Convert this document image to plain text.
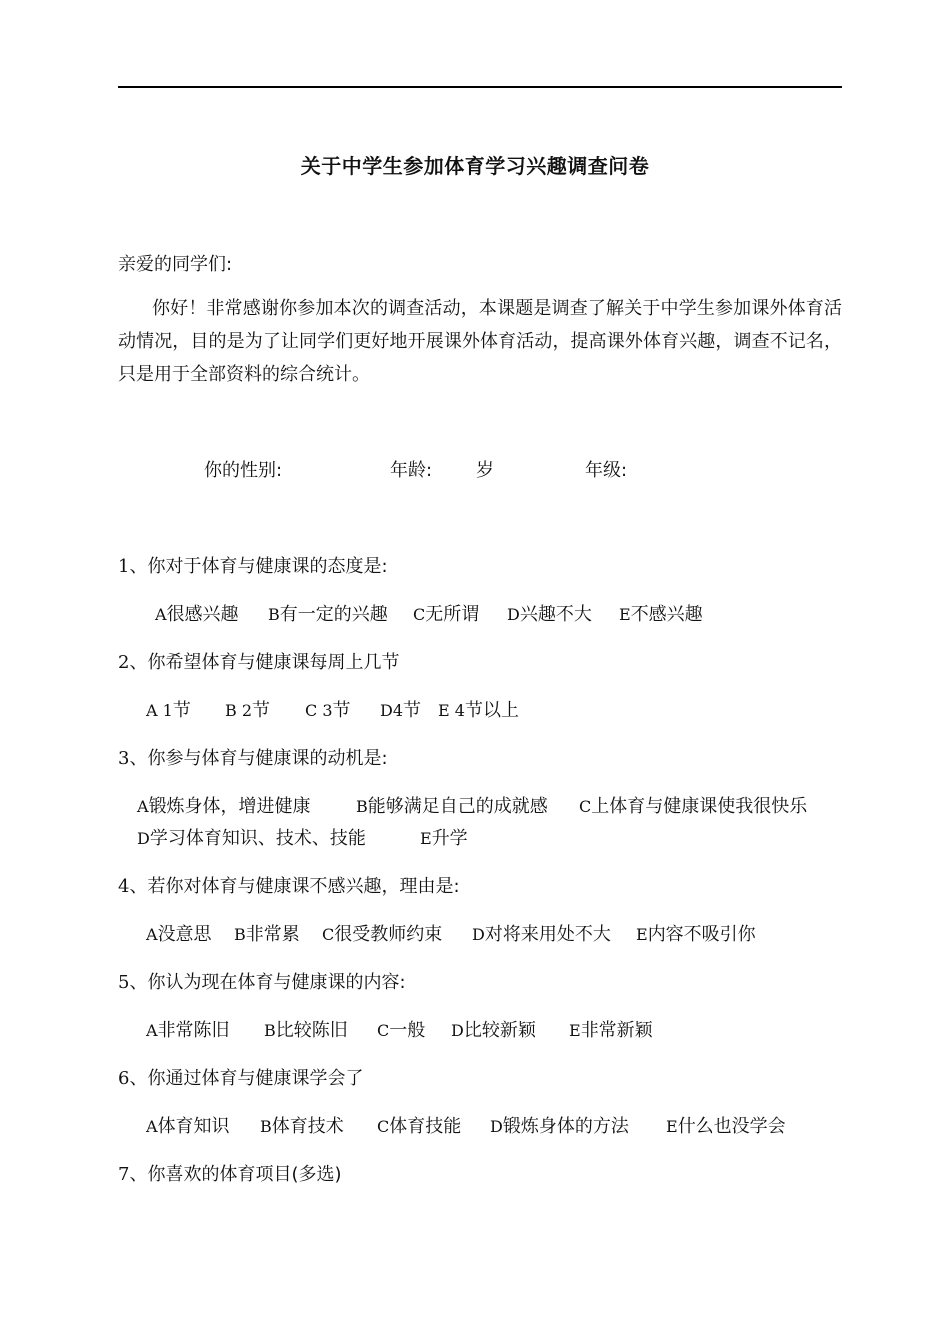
关于中学生参加体育学习兴趣调查问卷
亲爱的同学们:
你好！非常感谢你参加本次的调查活动，本课题是调查了解关于中学生参加课外体育活动情况，目的是为了让同学们更好地开展课外体育活动，提高课外体育兴趣，调查不记名，只是用于全部资料的综合统计。
你的性别:	年龄: 岁	年级:
1、你对于体育与健康课的态度是:
A很感兴趣 B有一定的兴趣 C无所谓 D兴趣不大 E不感兴趣
2、你希望体育与健康课每周上几节
A 1节 B 2节 C 3节 D4节 E 4节以上
3、你参与体育与健康课的动机是:
A锻炼身体，增进健康	B能够满足自己的成就感 C上体育与健康课使我很快乐
D学习体育知识、技术、技能	E升学
4、若你对体育与健康课不感兴趣，理由是:
A没意思 B非常累 C很受教师约束 D对将来用处不大 E内容不吸引你
5、你认为现在体育与健康课的内容:
A非常陈旧 B比较陈旧 C一般 D比较新颖 E非常新颖
6、你通过体育与健康课学会了
A体育知识 B体育技术 C体育技能 D锻炼身体的方法 E什么也没学会
7、你喜欢的体育项目(多选)
